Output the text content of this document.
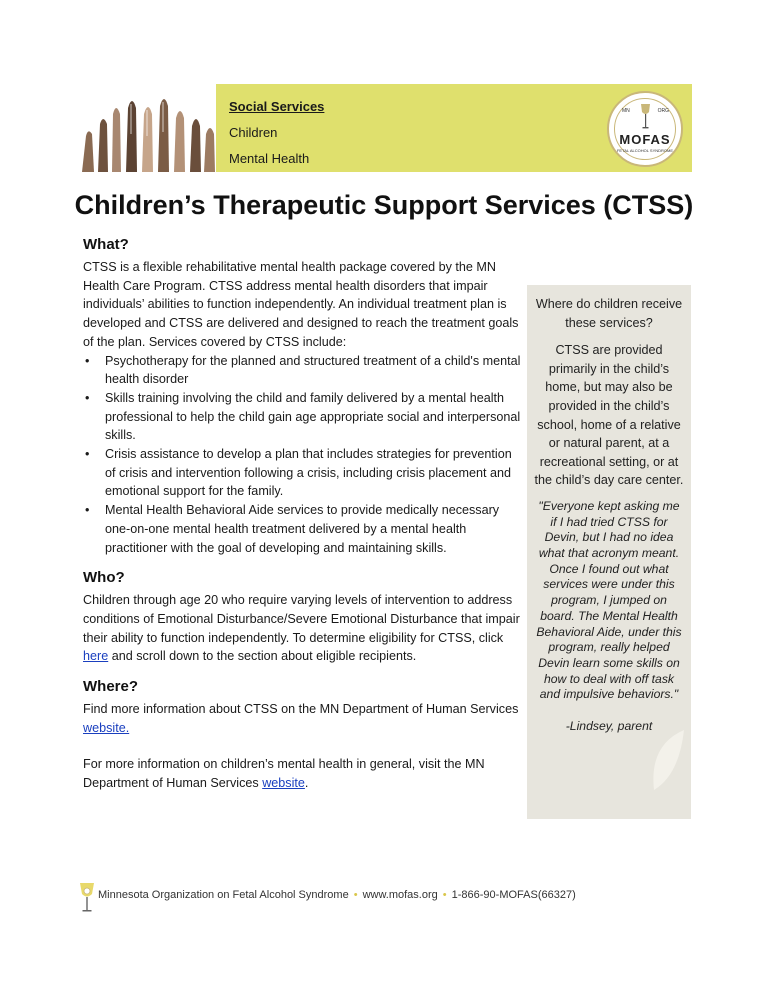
Social Services
Children
Mental Health
MN	ORG
MOFAS
FETAL ALCOHOL SYNDROME
Children’s Therapeutic Support Services (CTSS)
What?

CTSS is a flexible rehabilitative mental health package covered by the MN Health Care Program. CTSS address mental health disorders that impair individuals’ abilities to function independently. An individual treatment plan is developed and CTSS are delivered and designed to reach the treatment goals of the plan. Services covered by CTSS include:

• Psychotherapy for the planned and structured treatment of a child's mental health disorder
• Skills training involving the child and family delivered by a mental health professional to help the child gain age appropriate social and interpersonal skills.
• Crisis assistance to develop a plan that includes strategies for prevention of crisis and intervention following a crisis, including crisis placement and emotional support for the family.
• Mental Health Behavioral Aide services to provide medically necessary one-on-one mental health treatment delivered by a mental health practitioner with the goal of developing and maintaining skills.
Who?

Children through age 20 who require varying levels of intervention to address conditions of Emotional Disturbance/Severe Emotional Disturbance that impair their ability to function independently. To determine eligibility for CTSS, click here and scroll down to the section about eligible recipients.

Where?

Find more information about CTSS on the MN Department of Human Services website.

For more information on children’s mental health in general, visit the MN Department of Human Services website.

Where do children receive these services?
CTSS are provided primarily in the child’s home, but may also be provided in the child’s school, home of a relative or natural parent, at a recreational setting, or at the child’s day care center.
"Everyone kept asking me if I had tried CTSS for Devin, but I had no idea what that acronym meant. Once I found out what services were under this program, I jumped on board. The Mental Health Behavioral Aide, under this program, really helped Devin learn some skills on how to deal with off task and impulsive behaviors."
-Lindsey, parent
Minnesota Organization on Fetal Alcohol Syndrome • www.mofas.org • 1-866-90-MOFAS(66327)
